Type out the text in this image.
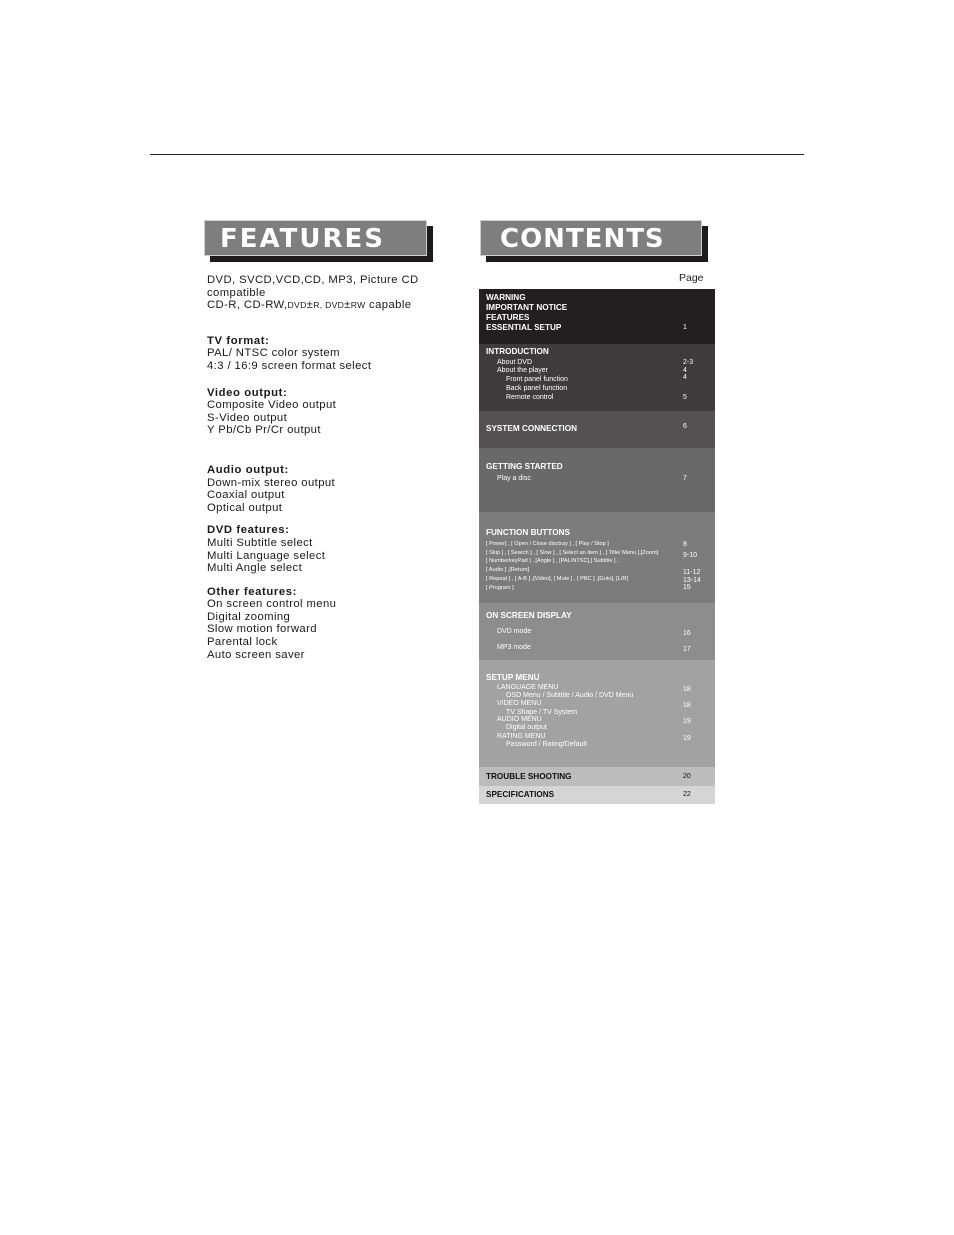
FEATURES	CONTENTS
DVD, SVCD,VCD,CD, MP3, Picture CD
compatible
CD-R, CD-RW,DVD±R, DVD±RW capable
TV format:
PAL/ NTSC color system
4:3 / 16:9 screen format select
Video output:
Composite Video output
S-Video output
Y Pb/Cb Pr/Cr output
Audio output:
Down-mix stereo output
Coaxial output
Optical output
DVD features:
Multi Subtitle select
Multi Language select
Multi Angle select
Other features:
On screen control menu
Digital zooming
Slow motion forward
Parental lock
Auto screen saver
Page
WARNING
IMPORTANT NOTICE
FEATURES
ESSENTIAL SETUP	1
INTRODUCTION
About DVD	2-3
About the player	4
Front panel function	4
Back panel function
Remote control	5
SYSTEM CONNECTION	6
GETTING STARTED
Play a disc	7
FUNCTION BUTTONS
[ Power] , [ Open / Close disctray ] , [ Play / Stop ]	8
[ Skip ] , [ Search ] , [ Slow ] , [ Select an item ] , [ Title/ Menu ],[Zoom]	9-10
[ NumberkeyPad ] , [Angle ] , [PAL/NTSC],[ Subtitle ] ,
[ Audio ] ,[Return]	11-12
[ Repeat ] , [ A-B ] ,[Video], [ Mute ] , [ PBC ] ,[Goto], [L/R]	13-14
[ Program ]	15
ON SCREEN DISPLAY
DVD mode	16
MP3 mode	17
SETUP MENU
LANGUAGE MENU	18
OSD Menu / Subtitle / Audio / DVD Menu
VIDEO MENU	18
TV Shape / TV System
AUDIO MENU	19
Digital output
RATING MENU	19
Password / Rating/Default
TROUBLE SHOOTING	20
SPECIFICATIONS	22
